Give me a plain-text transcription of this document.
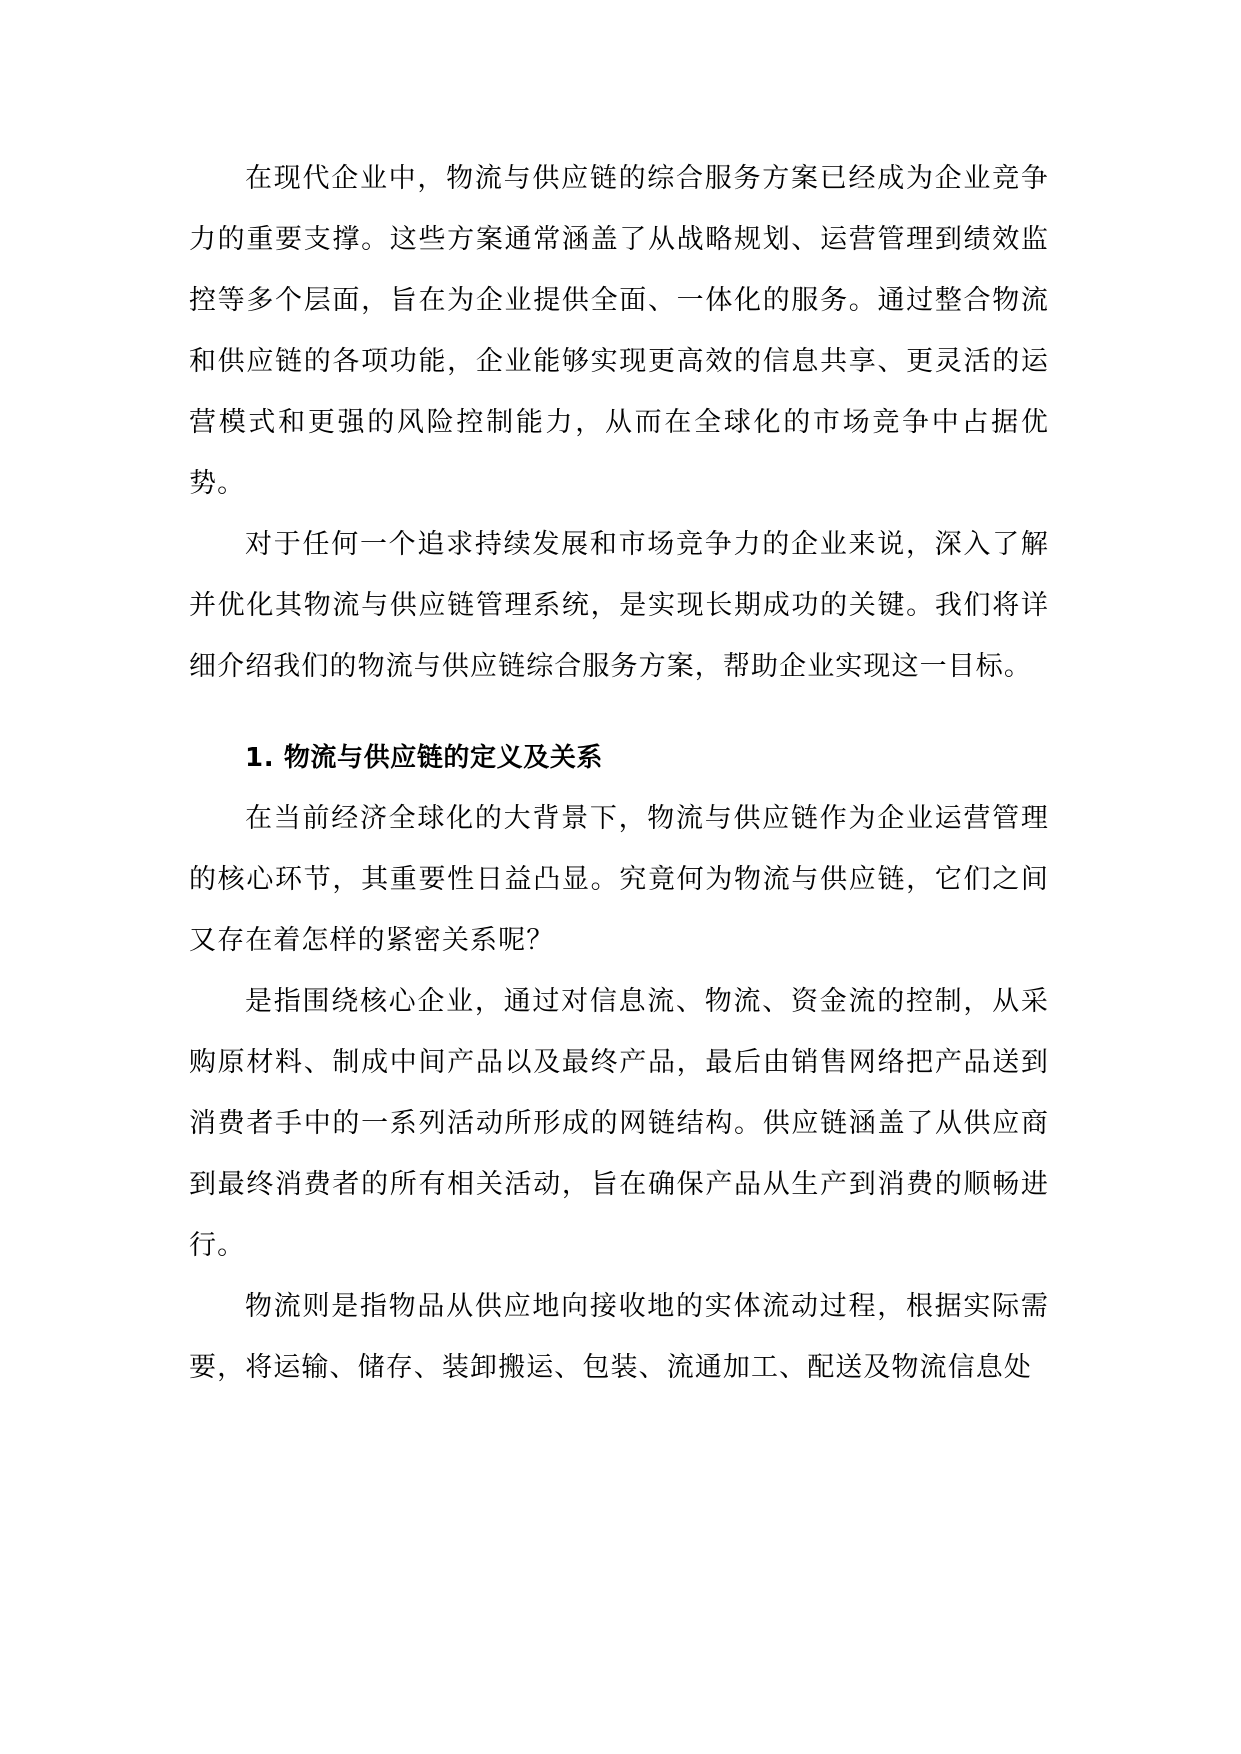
在现代企业中，物流与供应链的综合服务方案已经成为企业竞争力的重要支撑。这些方案通常涵盖了从战略规划、运营管理到绩效监控等多个层面，旨在为企业提供全面、一体化的服务。通过整合物流和供应链的各项功能，企业能够实现更高效的信息共享、更灵活的运营模式和更强的风险控制能力，从而在全球化的市场竞争中占据优势。

对于任何一个追求持续发展和市场竞争力的企业来说，深入了解并优化其物流与供应链管理系统，是实现长期成功的关键。我们将详细介绍我们的物流与供应链综合服务方案，帮助企业实现这一目标。

1. 物流与供应链的定义及关系

在当前经济全球化的大背景下，物流与供应链作为企业运营管理的核心环节，其重要性日益凸显。究竟何为物流与供应链，它们之间又存在着怎样的紧密关系呢？

是指围绕核心企业，通过对信息流、物流、资金流的控制，从采购原材料、制成中间产品以及最终产品，最后由销售网络把产品送到消费者手中的一系列活动所形成的网链结构。供应链涵盖了从供应商到最终消费者的所有相关活动，旨在确保产品从生产到消费的顺畅进行。

物流则是指物品从供应地向接收地的实体流动过程，根据实际需要，将运输、储存、装卸搬运、包装、流通加工、配送及物流信息处
